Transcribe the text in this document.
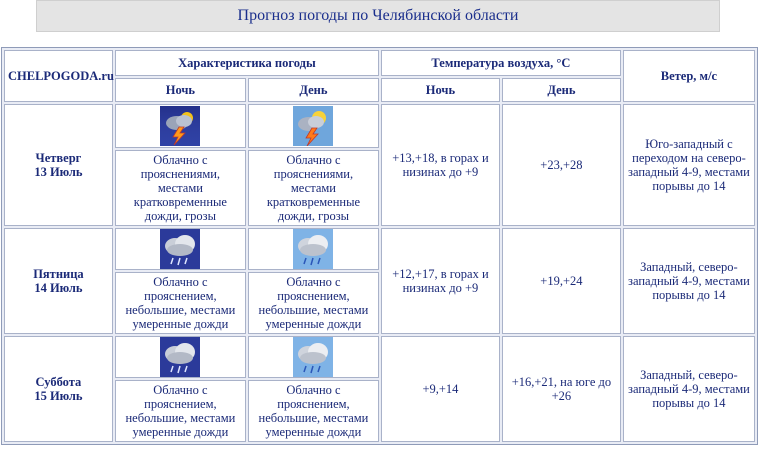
Прогноз погоды по Челябинской области
CHELPOGODA.ru	Характеристика погоды		Температура воздуха, °С		Ветер, м/с
	Ночь	День	Ночь	День	

Четверг
13 Июль			+13,+18, в горах и низинах до +9	+23,+28	Юго-западный с переходом на северо-западный 4-9, местами порывы до 14
	Облачно с прояснениями, местами кратковременные дожди, грозы	Облачно с прояснениями, местами кратковременные дожди, грозы			

Пятница
14 Июль			+12,+17, в горах и низинах до +9	+19,+24	Западный, северо-западный 4-9, местами порывы до 14
	Облачно с прояснением, небольшие, местами умеренные дожди	Облачно с прояснением, небольшие, местами умеренные дожди			

Суббота
15 Июль			+9,+14	+16,+21, на юге до +26	Западный, северо-западный 4-9, местами порывы до 14
	Облачно с прояснением, небольшие, местами умеренные дожди	Облачно с прояснением, небольшие, местами умеренные дожди			
